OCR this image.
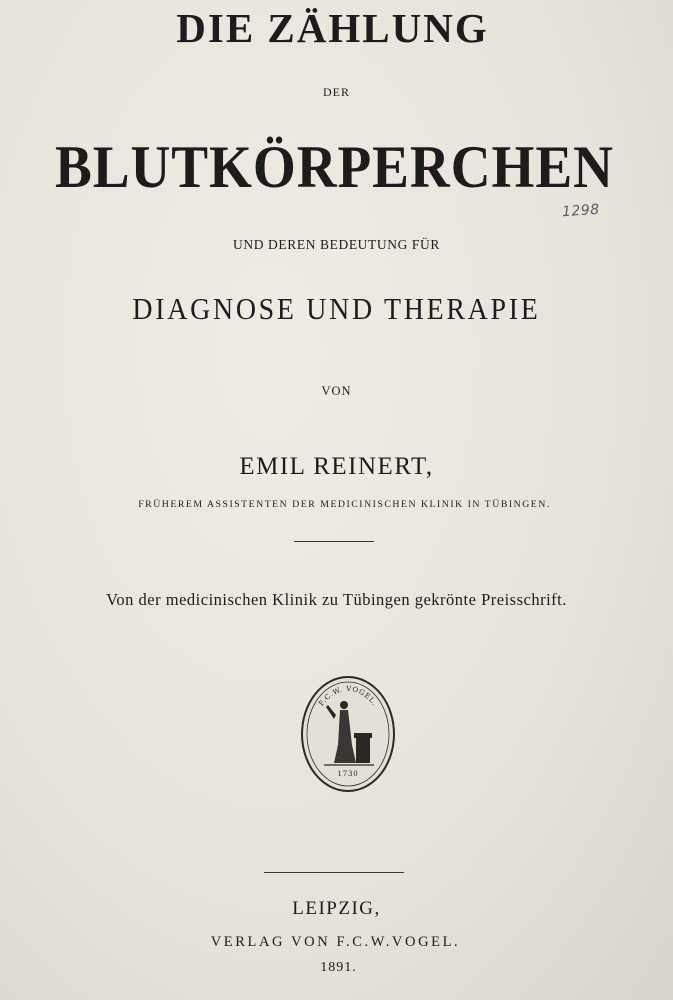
DIE ZÄHLUNG
DER
BLUTKÖRPERCHEN
1298
UND DEREN BEDEUTUNG FÜR
DIAGNOSE UND THERAPIE
VON
EMIL REINERT,
FRÜHEREM ASSISTENTEN DER MEDICINISCHEN KLINIK IN TÜBINGEN.
Von der medicinischen Klinik zu Tübingen gekrönte Preisschrift.
F.C.W. VOGEL.
1730
LEIPZIG,
VERLAG VON F.C.W.VOGEL.
1891.
